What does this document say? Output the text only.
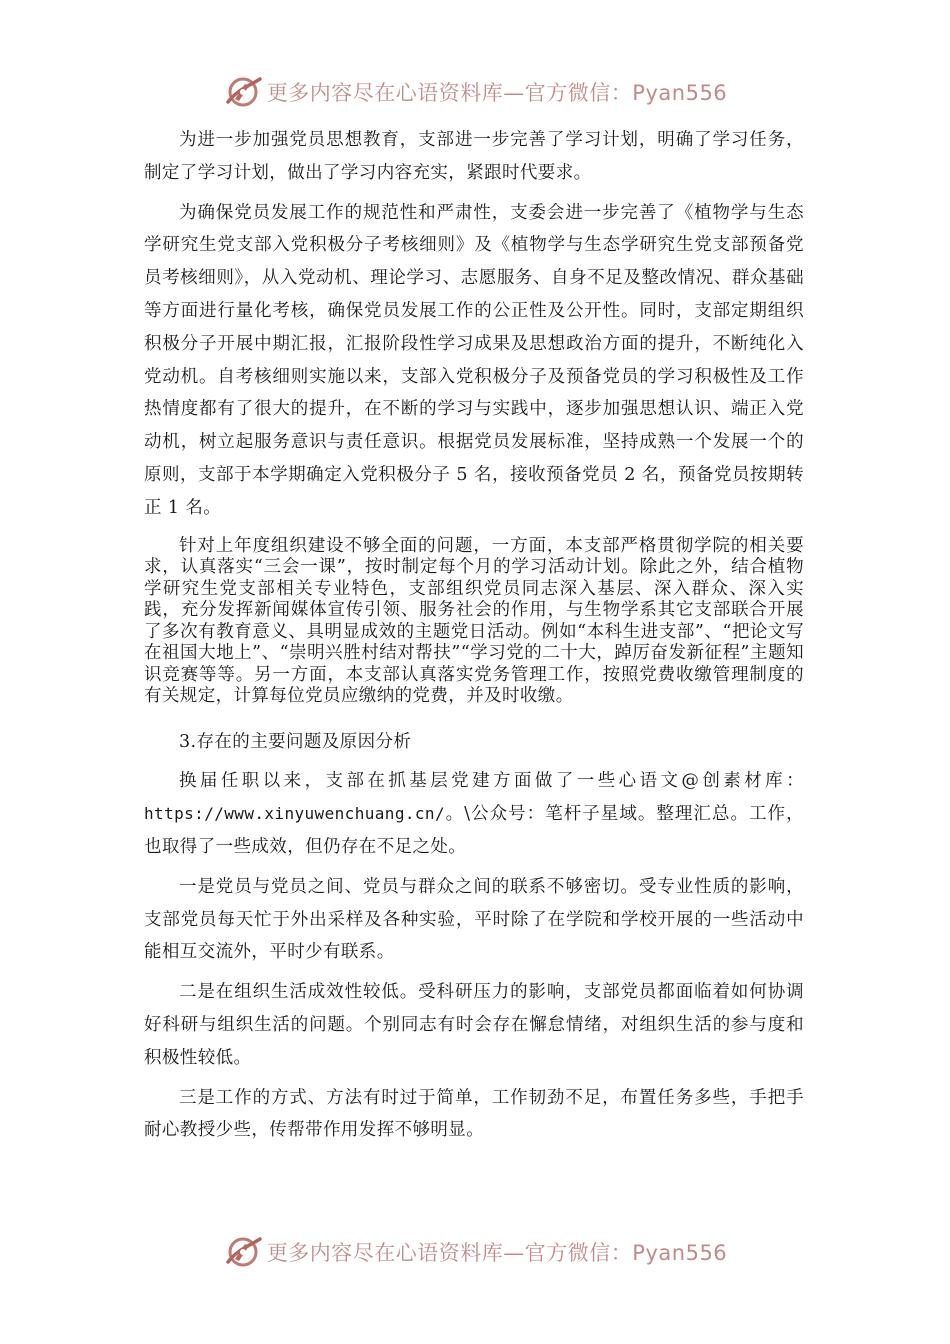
更多内容尽在心语资料库—官方微信：Pyan556

为进一步加强党员思想教育，支部进一步完善了学习计划，明确了学习任务，制定了学习计划，做出了学习内容充实，紧跟时代要求。

为确保党员发展工作的规范性和严肃性，支委会进一步完善了《植物学与生态学研究生党支部入党积极分子考核细则》及《植物学与生态学研究生党支部预备党员考核细则》，从入党动机、理论学习、志愿服务、自身不足及整改情况、群众基础等方面进行量化考核，确保党员发展工作的公正性及公开性。同时，支部定期组织积极分子开展中期汇报，汇报阶段性学习成果及思想政治方面的提升，不断纯化入党动机。自考核细则实施以来，支部入党积极分子及预备党员的学习积极性及工作热情度都有了很大的提升，在不断的学习与实践中，逐步加强思想认识、端正入党动机，树立起服务意识与责任意识。根据党员发展标准，坚持成熟一个发展一个的原则，支部于本学期确定入党积极分子 5 名，接收预备党员 2 名，预备党员按期转正 1 名。

针对上年度组织建设不够全面的问题，一方面，本支部严格贯彻学院的相关要求，认真落实“三会一课”，按时制定每个月的学习活动计划。除此之外，结合植物学研究生党支部相关专业特色，支部组织党员同志深入基层、深入群众、深入实践，充分发挥新闻媒体宣传引领、服务社会的作用，与生物学系其它支部联合开展了多次有教育意义、具明显成效的主题党日活动。例如“本科生进支部”、“把论文写在祖国大地上”、“崇明兴胜村结对帮扶”“学习党的二十大，踔厉奋发新征程”主题知识竞赛等等。另一方面，本支部认真落实党务管理工作，按照党费收缴管理制度的有关规定，计算每位党员应缴纳的党费，并及时收缴。

3.存在的主要问题及原因分析

换届任职以来，支部在抓基层党建方面做了一些心语文@创素材库：https://www.xinyuwenchuang.cn/。\公众号：笔杆子星域。整理汇总。工作，也取得了一些成效，但仍存在不足之处。

一是党员与党员之间、党员与群众之间的联系不够密切。受专业性质的影响，支部党员每天忙于外出采样及各种实验，平时除了在学院和学校开展的一些活动中能相互交流外，平时少有联系。

二是在组织生活成效性较低。受科研压力的影响，支部党员都面临着如何协调好科研与组织生活的问题。个别同志有时会存在懈怠情绪，对组织生活的参与度和积极性较低。

三是工作的方式、方法有时过于简单，工作韧劲不足，布置任务多些，手把手耐心教授少些，传帮带作用发挥不够明显。

更多内容尽在心语资料库—官方微信：Pyan556
